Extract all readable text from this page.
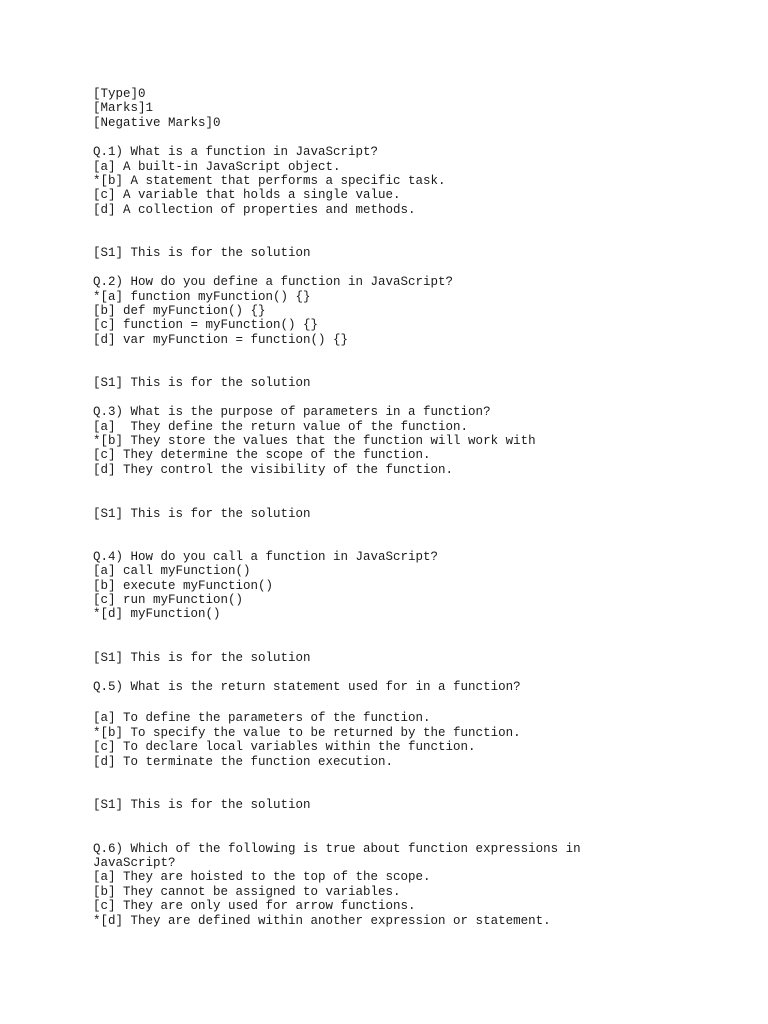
[Type]0

[Marks]1

[Negative Marks]0

Q.1) What is a function in JavaScript?

[a] A built-in JavaScript object.

*[b] A statement that performs a specific task.

[c] A variable that holds a single value.

[d] A collection of properties and methods.

[S1] This is for the solution

Q.2) How do you define a function in JavaScript?

*[a] function myFunction() {}

[b] def myFunction() {}

[c] function = myFunction() {}

[d] var myFunction = function() {}

[S1] This is for the solution

Q.3) What is the purpose of parameters in a function?

[a]  They define the return value of the function.

*[b] They store the values that the function will work with

[c] They determine the scope of the function.

[d] They control the visibility of the function.

[S1] This is for the solution

Q.4) How do you call a function in JavaScript?

[a] call myFunction()

[b] execute myFunction()

[c] run myFunction()

*[d] myFunction()

[S1] This is for the solution

Q.5) What is the return statement used for in a function?

[a] To define the parameters of the function.

*[b] To specify the value to be returned by the function.

[c] To declare local variables within the function.

[d] To terminate the function execution.

[S1] This is for the solution

Q.6) Which of the following is true about function expressions in

JavaScript?

[a] They are hoisted to the top of the scope.

[b] They cannot be assigned to variables.

[c] They are only used for arrow functions.

*[d] They are defined within another expression or statement.
